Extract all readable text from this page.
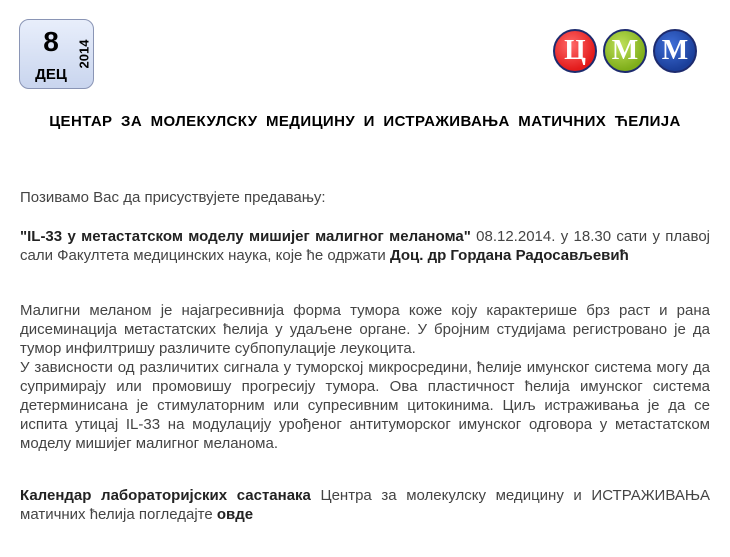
8
ДЕЦ
2014	Ц М М
ЦЕНТАР ЗА МОЛЕКУЛСКУ МЕДИЦИНУ И ИСТРАЖИВАЊА МАТИЧНИХ ЋЕЛИЈА
Позивамо Вас да присуствујете предавању:
"IL-33 у метастатском моделу мишијег малигног меланома" 08.12.2014. у 18.30 сати у плавој сали Факултета медицинских наука, које ће одржати Доц. др Гордана Радосављевић
Малигни меланом је најагресивнија форма тумора коже коју карактерише брз раст и рана дисеминација метастатских ћелија у удаљене органе. У бројним студијама регистровано је да тумор инфилтришу различите субпопулације леукоцита.
У зависности од различитих сигнала у туморској микросредини, ћелије имунског система могу да супримирају или промовишу прогресију тумора. Ова пластичност ћелија имунског система детерминисана је стимулаторним или супресивним цитокинима. Циљ истраживања је да се испита утицај IL-33 на модулацију урођеног антитуморског имунског одговора у метастатском моделу мишијег малигног меланома.
Календар лабораторијских састанака Центра за молекулску медицину и ИСТРАЖИВАЊА матичних ћелија погледајте овде
